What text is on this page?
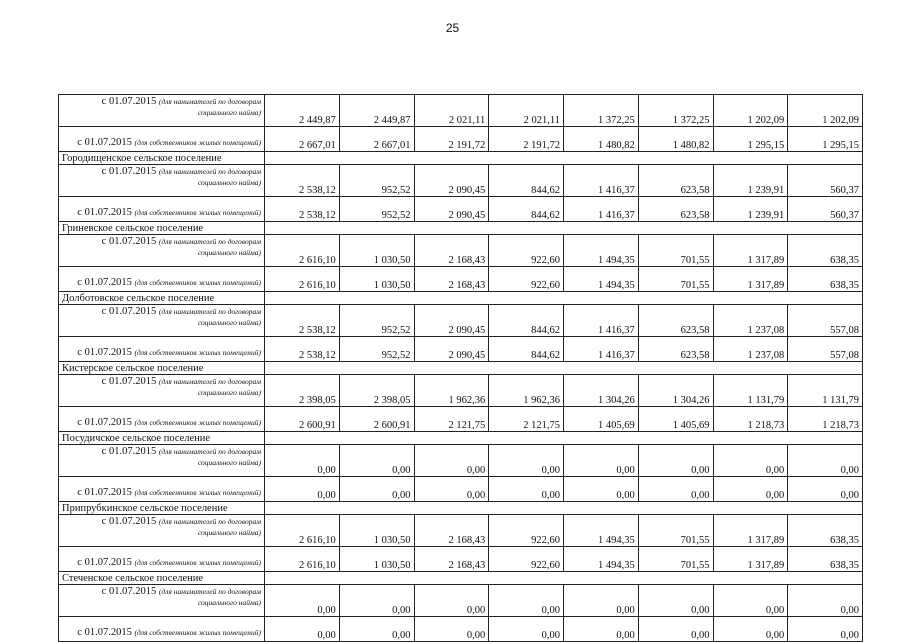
25
с 01.07.2015 (для нанимателей по договорам
социального найма)	2 449,87	2 449,87	2 021,11	2 021,11	1 372,25	1 372,25	1 202,09	1 202,09

с 01.07.2015 (для собственников жилых помещений)	2 667,01	2 667,01	2 191,72	2 191,72	1 480,82	1 480,82	1 295,15	1 295,15
Городищенское сельское поселение								

с 01.07.2015 (для нанимателей по договорам
социального найма)	2 538,12	952,52	2 090,45	844,62	1 416,37	623,58	1 239,91	560,37

с 01.07.2015 (для собственников жилых помещений)	2 538,12	952,52	2 090,45	844,62	1 416,37	623,58	1 239,91	560,37
Гриневское сельское поселение								

с 01.07.2015 (для нанимателей по договорам
социального найма)	2 616,10	1 030,50	2 168,43	922,60	1 494,35	701,55	1 317,89	638,35

с 01.07.2015 (для собственников жилых помещений)	2 616,10	1 030,50	2 168,43	922,60	1 494,35	701,55	1 317,89	638,35
Долботовское сельское поселение								

с 01.07.2015 (для нанимателей по договорам
социального найма)	2 538,12	952,52	2 090,45	844,62	1 416,37	623,58	1 237,08	557,08

с 01.07.2015 (для собственников жилых помещений)	2 538,12	952,52	2 090,45	844,62	1 416,37	623,58	1 237,08	557,08
Кистерское сельское поселение								

с 01.07.2015 (для нанимателей по договорам
социального найма)	2 398,05	2 398,05	1 962,36	1 962,36	1 304,26	1 304,26	1 131,79	1 131,79

с 01.07.2015 (для собственников жилых помещений)	2 600,91	2 600,91	2 121,75	2 121,75	1 405,69	1 405,69	1 218,73	1 218,73
Посудичское сельское поселение								

с 01.07.2015 (для нанимателей по договорам
социального найма)	0,00	0,00	0,00	0,00	0,00	0,00	0,00	0,00

с 01.07.2015 (для собственников жилых помещений)	0,00	0,00	0,00	0,00	0,00	0,00	0,00	0,00
Припрубкинское сельское поселение								

с 01.07.2015 (для нанимателей по договорам
социального найма)	2 616,10	1 030,50	2 168,43	922,60	1 494,35	701,55	1 317,89	638,35

с 01.07.2015 (для собственников жилых помещений)	2 616,10	1 030,50	2 168,43	922,60	1 494,35	701,55	1 317,89	638,35
Стеченское сельское поселение								

с 01.07.2015 (для нанимателей по договорам
социального найма)	0,00	0,00	0,00	0,00	0,00	0,00	0,00	0,00

с 01.07.2015 (для собственников жилых помещений)	0,00	0,00	0,00	0,00	0,00	0,00	0,00	0,00
